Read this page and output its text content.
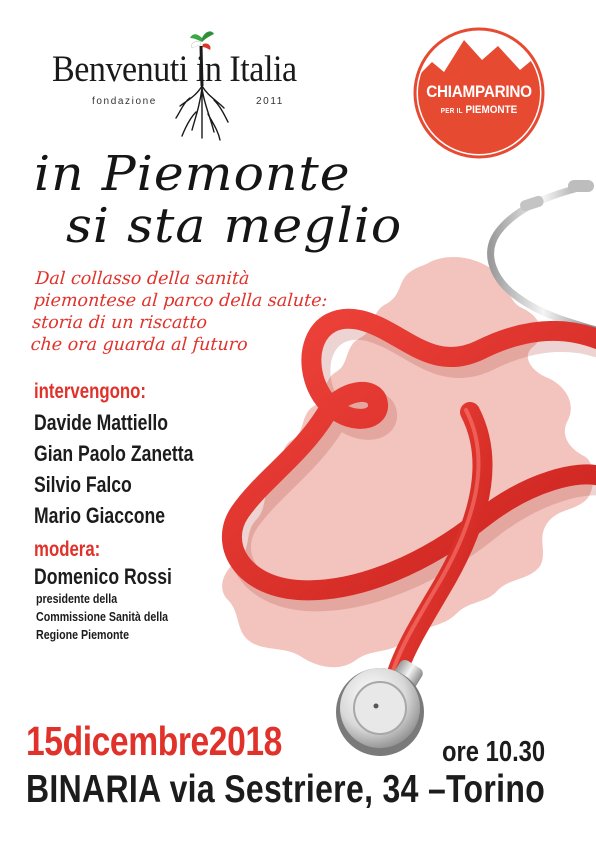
Benvenuti in Italia
fondazione	2011
CHIAMPARINO
PER IL PIEMONTE
in Piemonte
si sta meglio
Dal collasso della sanità
piemontese al parco della salute:
storia di un riscatto
che ora guarda al futuro
intervengono:
Davide Mattiello
Gian Paolo Zanetta
Silvio Falco
Mario Giaccone
modera:
Domenico Rossi
presidente della
Commissione Sanità della
Regione Piemonte
15dicembre2018	ore 10.30
BINARIA via Sestriere, 34 –Torino
